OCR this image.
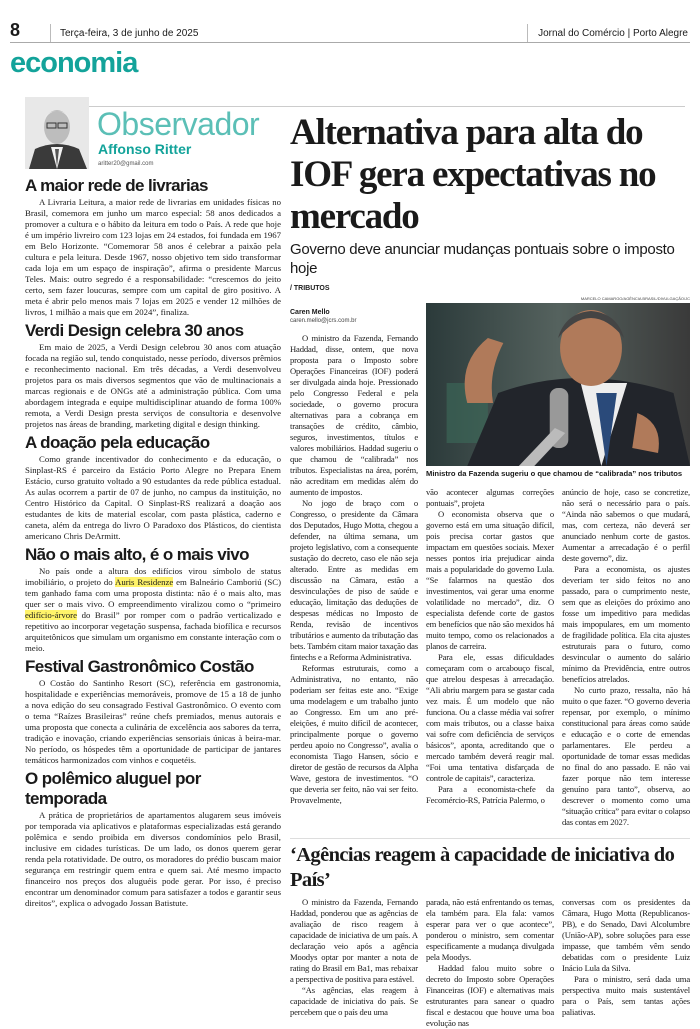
8	Terça-feira, 3 de junho de 2025	Jornal do Comércio | Porto Alegre
economia
Observador
Affonso Ritter
aritter20@gmail.com
A maior rede de livrarias

A Livraria Leitura, a maior rede de livrarias em unidades físicas no Brasil, comemora em junho um marco especial: 58 anos dedicados a promover a cultura e o hábito da leitura em todo o País. A rede que hoje é um império livreiro com 123 lojas em 24 estados, foi fundada em 1967 em Belo Horizonte. “Comemorar 58 anos é celebrar a paixão pela cultura e pela leitura. Desde 1967, nosso objetivo tem sido transformar cada loja em um espaço de inspiração”, afirma o presidente Marcus Teles. Mais: outro segredo é a responsabilidade: “crescemos do jeito certo, sem fazer loucuras, sempre com um capital de giro positivo. A meta é abrir pelo menos mais 7 lojas em 2025 e vender 12 milhões de livros, 1 milhão a mais que em 2024”, finaliza.

Verdi Design celebra 30 anos

Em maio de 2025, a Verdi Design celebrou 30 anos com atuação focada na região sul, tendo conquistado, nesse período, diversos prêmios e reconhecimento nacional. Em três décadas, a Verdi desenvolveu projetos para os mais diversos segmentos que vão de multinacionais a marcas regionais e de ONGs até a administração pública. Com uma abordagem integrada e equipe multidisciplinar atuando de forma 100% remota, a Verdi Design presta serviços de consultoria e desenvolve projetos nas áreas de branding, marketing digital e design thinking.

A doação pela educação

Como grande incentivador do conhecimento e da educação, o Sinplast-RS é parceiro da Estácio Porto Alegre no Prepara Enem Estácio, curso gratuito voltado a 90 estudantes da rede pública estadual. As aulas ocorrem a partir de 07 de junho, no campus da instituição, no Centro Histórico da Capital. O Sinplast-RS realizará a doação aos estudantes de kits de material escolar, com pasta plástica, caderno e caneta, além da entrega do livro O Paradoxo dos Plásticos, do cientista americano Chris DeArmitt.

Não o mais alto, é o mais vivo

No país onde a altura dos edifícios virou símbolo de status imobiliário, o projeto do Auris Residenze em Balneário Camboriú (SC) tem ganhado fama com uma proposta distinta: não é o mais alto, mas quer ser o mais vivo. O empreendimento viralizou como o “primeiro edifício-árvore do Brasil” por romper com o padrão verticalizado e repetitivo ao incorporar vegetação suspensa, fachada biofílica e recursos arquitetônicos que simulam um organismo em constante interação com o meio.

Festival Gastronômico Costão

O Costão do Santinho Resort (SC), referência em gastronomia, hospitalidade e experiências memoráveis, promove de 15 a 18 de junho a nova edição do seu consagrado Festival Gastronômico. O evento com o tema “Raízes Brasileiras” reúne chefs premiados, menus autorais e uma proposta que conecta a culinária de excelência aos sabores da terra, tradição e inovação, criando experiências sensoriais únicas à beira-mar. No período, os hóspedes têm a oportunidade de participar de jantares temáticos harmonizados com vinhos e coquetéis.

O polêmico aluguel por temporada

A prática de proprietários de apartamentos alugarem seus imóveis por temporada via aplicativos e plataformas especializadas está gerando polêmica e sendo proibida em diversos condomínios pelo Brasil, inclusive em cidades turísticas. De um lado, os donos querem gerar renda pela rotatividade. De outro, os moradores do prédio buscam maior segurança em restringir quem entra e quem sai. Até mesmo impacto financeiro nos preços dos aluguéis pode gerar. Por isso, é preciso encontrar um denominador comum para satisfazer a todos e garantir seus direitos”, explica o advogado Jossan Batistute.

Alternativa para alta do IOF gera expectativas no mercado
Governo deve anunciar mudanças pontuais sobre o imposto hoje
/ TRIBUTOS
Caren Mello
caren.mello@jcrs.com.br

O ministro da Fazenda, Fernando Haddad, disse, ontem, que nova proposta para o Imposto sobre Operações Financeiras (IOF) poderá ser divulgada ainda hoje. Pressionado pelo Congresso Federal e pela sociedade, o governo procura alternativas para a cobrança em transações de crédito, câmbio, seguros, investimentos, títulos e valores mobiliários. Haddad sugeriu o que chamou de “calibrada” nos tributos. Especialistas na área, porém, não acreditam em medidas além do aumento de impostos.

No jogo de braço com o Congresso, o presidente da Câmara dos Deputados, Hugo Motta, chegou a defender, na última semana, um projeto legislativo, com a consequente sustação do decreto, caso ele não seja alterado. Entre as medidas em discussão na Câmara, estão a desvinculações de piso de saúde e educação, limitação das deduções de despesas médicas no Imposto de Renda, revisão de incentivos tributários e aumento da tributação das bets. Também citam maior taxação das fintechs e a Reforma Administrativa.

Reformas estruturais, como a Administrativa, no entanto, não poderiam ser feitas este ano. “Exige uma modelagem e um trabalho junto ao Congresso. Em um ano pré-eleições, é muito difícil de acontecer, principalmente porque o governo perdeu apoio no Congresso”, avalia o economista Tiago Hansen, sócio e diretor de gestão de recursos da Alpha Wave, gestora de investimentos. “O que deveria ser feito, não vai ser feito. Provavelmente,

MARCELO CAMARGO/AGÊNCIA BRASIL/DIVULGAÇÃO/JC
Ministro da Fazenda sugeriu o que chamou de “calibrada” nos tributos

vão acontecer algumas correções pontuais”, projeta

O economista observa que o governo está em uma situação difícil, pois precisa cortar gastos que impactam em questões sociais. Mexer nesses pontos iria prejudicar ainda mais a popularidade do governo Lula. “Se falarmos na questão dos investimentos, vai gerar uma enorme volatilidade no mercado”, diz. O especialista defende corte de gastos em benefícios que não são mexidos há muito tempo, como os relacionados a planos de carreira.

Para ele, essas dificuldades começaram com o arcabouço fiscal, que atrelou despesas à arrecadação. “Ali abriu margem para se gastar cada vez mais. É um modelo que não funciona. Ou a classe média vai sofrer com mais tributos, ou a classe baixa vai sofre com deficiência de serviços básicos”, aponta, acreditando que o mercado também deverá reagir mal. “Foi uma tentativa disfarçada de controle de capitais”, caracteriza.

Para a economista-chefe da Fecomércio-RS, Patrícia Palermo, o

anúncio de hoje, caso se concretize, não será o necessário para o país. “Ainda não sabemos o que mudará, mas, com certeza, não deverá ser anunciado nenhum corte de gastos. Aumentar a arrecadação é o perfil deste governo”, diz.

Para a economista, os ajustes deveriam ter sido feitos no ano passado, para o cumprimento neste, sem que as eleições do próximo ano fosse um impeditivo para medidas mais impopulares, em um momento de fragilidade política. Ela cita ajustes estruturais para o futuro, como desvincular o aumento do salário mínimo da Previdência, entre outros benefícios atrelados.

No curto prazo, ressalta, não há muito o que fazer. “O governo deveria repensar, por exemplo, o mínimo constitucional para áreas como saúde e educação e o corte de emendas parlamentares. Ele perdeu a oportunidade de tomar essas medidas no final do ano passado. E não vai fazer porque não tem interesse genuíno para tanto”, observa, ao descrever o momento como uma “situação crítica” para evitar o colapso das contas em 2027.

‘Agências reagem à capacidade de iniciativa do País’

O ministro da Fazenda, Fernando Haddad, ponderou que as agências de avaliação de risco reagem à capacidade de iniciativa de um país. A declaração veio após a agência Moodys optar por manter a nota de rating do Brasil em Ba1, mas rebaixar a perspectiva de positiva para estável.

“As agências, elas reagem à capacidade de iniciativa do país. Se percebem que o país deu uma

parada, não está enfrentando os temas, ela também para. Ela fala: vamos esperar para ver o que acontece”, ponderou o ministro, sem comentar especificamente a mudança divulgada pela Moodys.

Haddad falou muito sobre o decreto do Imposto sobre Operações Financeiras (IOF) e alternativas mais estruturantes para sanear o quadro fiscal e destacou que houve uma boa evolução nas

conversas com os presidentes da Câmara, Hugo Motta (Republicanos-PB), e do Senado, Davi Alcolumbre (União-AP), sobre soluções para esse impasse, que também vêm sendo debatidas com o presidente Luiz Inácio Lula da Silva.

Para o ministro, será dada uma perspectiva muito mais sustentável para o País, sem tantas ações paliativas.
